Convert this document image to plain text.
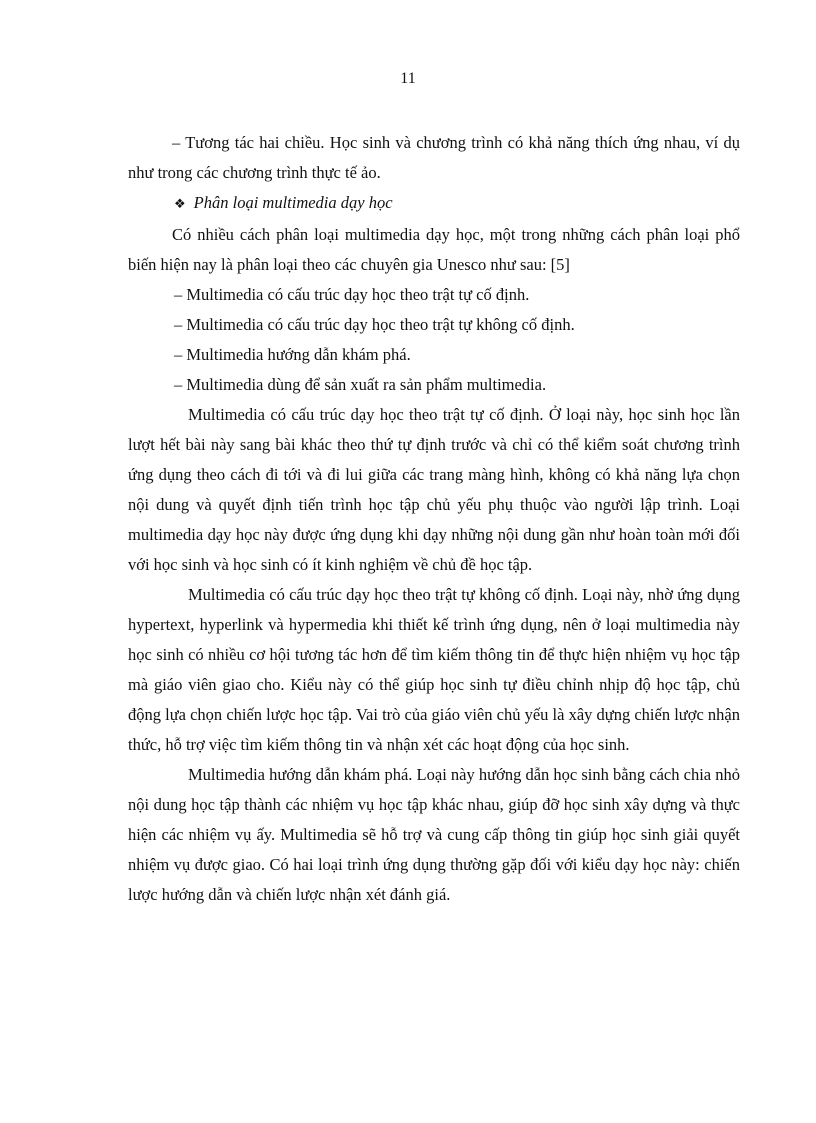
11

– Tương tác hai chiều. Học sinh và chương trình có khả năng thích ứng nhau, ví dụ như trong các chương trình thực tế ảo.

❖ Phân loại multimedia dạy học

Có nhiều cách phân loại multimedia dạy học, một trong những cách phân loại phổ biến hiện nay là phân loại theo các chuyên gia Unesco như sau: [5]

– Multimedia có cấu trúc dạy học theo trật tự cố định.

– Multimedia có cấu trúc dạy học theo trật tự không cố định.

– Multimedia hướng dẫn khám phá.

– Multimedia dùng để sản xuất ra sản phẩm multimedia.

Multimedia có cấu trúc dạy học theo trật tự cố định. Ở loại này, học sinh học lần lượt hết bài này sang bài khác theo thứ tự định trước và chỉ có thể kiểm soát chương trình ứng dụng theo cách đi tới và đi lui giữa các trang màng hình, không có khả năng lựa chọn nội dung và quyết định tiến trình học tập chủ yếu phụ thuộc vào người lập trình. Loại multimedia dạy học này được ứng dụng khi dạy những nội dung gần như hoàn toàn mới đối với học sinh và học sinh có ít kinh nghiệm về chủ đề học tập.

Multimedia có cấu trúc dạy học theo trật tự không cố định. Loại này, nhờ ứng dụng hypertext, hyperlink và hypermedia khi thiết kế trình ứng dụng, nên ở loại multimedia này học sinh có nhiều cơ hội tương tác hơn để tìm kiếm thông tin để thực hiện nhiệm vụ học tập mà giáo viên giao cho. Kiểu này có thể giúp học sinh tự điều chỉnh nhịp độ học tập, chủ động lựa chọn chiến lược học tập. Vai trò của giáo viên chủ yếu là xây dựng chiến lược nhận thức, hỗ trợ việc tìm kiếm thông tin và nhận xét các hoạt động của học sinh.

Multimedia hướng dẫn khám phá. Loại này hướng dẫn học sinh bằng cách chia nhỏ nội dung học tập thành các nhiệm vụ học tập khác nhau, giúp đỡ học sinh xây dựng và thực hiện các nhiệm vụ ấy. Multimedia sẽ hỗ trợ và cung cấp thông tin giúp học sinh giải quyết nhiệm vụ được giao. Có hai loại trình ứng dụng thường gặp đối với kiểu dạy học này: chiến lược hướng dẫn và chiến lược nhận xét đánh giá.
